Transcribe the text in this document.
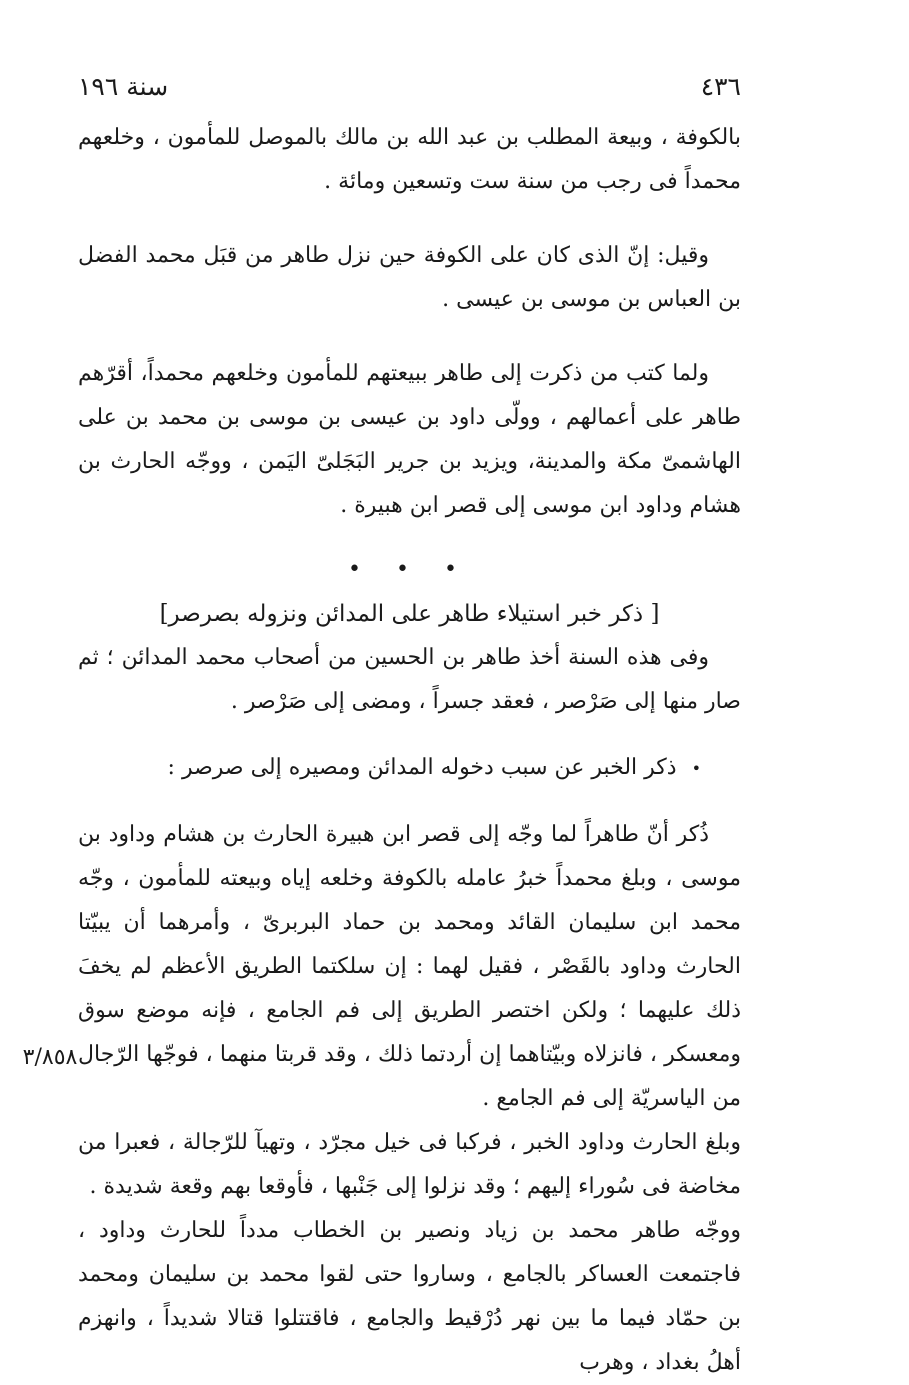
٤٣٦
سنة ١٩٦

بالكوفة ، وبيعة المطلب بن عبد الله بن مالك بالموصل للمأمون ، وخلعهم محمداً فى رجب من سنة ست وتسعين ومائة .

وقيل: إنّ الذى كان على الكوفة حين نزل طاهر من قبَل محمد الفضل بن العباس بن موسى بن عيسى .

ولما كتب من ذكرت إلى طاهر ببيعتهم للمأمون وخلعهم محمداً، أقرّهم طاهر على أعمالهم ، وولّى داود بن عيسى بن موسى بن محمد بن على الهاشمىّ مكة والمدينة، ويزيد بن جرير البَجَلىّ اليَمن ، ووجّه الحارث بن هشام وداود ابن موسى إلى قصر ابن هبيرة .

• • •

[ ذكر خبر استيلاء طاهر على المدائن ونزوله بصرصر]

وفى هذه السنة أخذ طاهر بن الحسين من أصحاب محمد المدائن ؛ ثم صار منها إلى صَرْصر ، فعقد جسراً ، ومضى إلى صَرْصر .

• ذكر الخبر عن سبب دخوله المدائن ومصيره إلى صرصر :

ذُكر أنّ طاهراً لما وجّه إلى قصر ابن هبيرة الحارث بن هشام وداود بن موسى ، وبلغ محمداً خبرُ عامله بالكوفة وخلعه إياه وبيعته للمأمون ، وجّه محمد ابن سليمان القائد ومحمد بن حماد البربرىّ ، وأمرهما أن يبيّتا الحارث وداود بالقَصْر ، فقيل لهما : إن سلكتما الطريق الأعظم لم يخفَ ذلك عليهما ؛ ولكن اختصر الطريق إلى فم الجامع ، فإنه موضع سوق ومعسكر ، فانزلاه وبيّتاهما إن أردتما ذلك ، وقد قربتا منهما ، فوجّها الرّجال من الياسريّة إلى فم الجامع .

وبلغ الحارث وداود الخبر ، فركبا فى خيل مجرّد ، وتهيآ للرّجالة ، فعبرا من مخاضة فى سُوراء إليهم ؛ وقد نزلوا إلى جَنْبها ، فأوقعا بهم وقعة شديدة .

ووجّه طاهر محمد بن زياد ونصير بن الخطاب مدداً للحارث وداود ، فاجتمعت العساكر بالجامع ، وساروا حتى لقوا محمد بن سليمان ومحمد بن حمّاد فيما ما بين نهر دُرْقيط والجامع ، فاقتتلوا قتالا شديداً ، وانهزم أهلُ بغداد ، وهرب

٣/٨٥٨
